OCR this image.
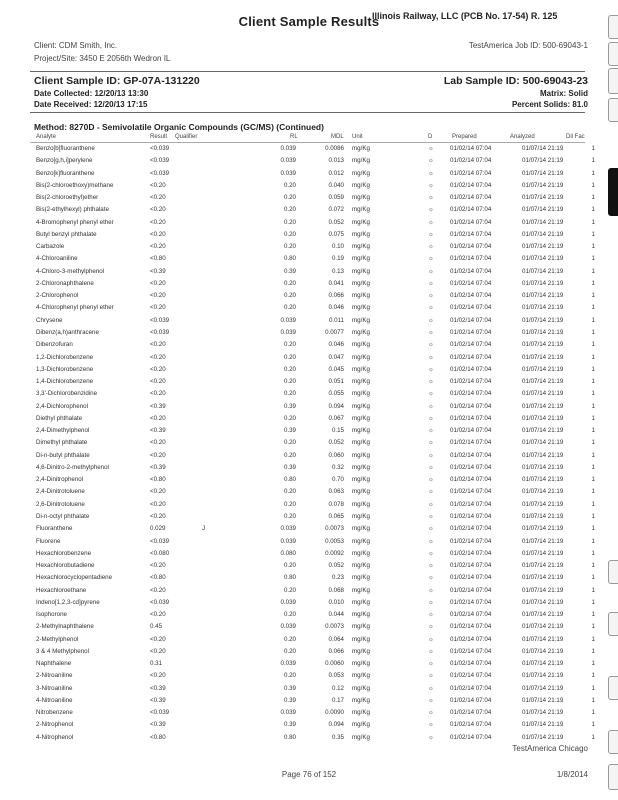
Client Sample Results
Illinois Railway, LLC (PCB No. 17-54) R. 125
Client: CDM Smith, Inc.
Project/Site: 3450 E 2056th Wedron IL
TestAmerica Job ID: 500-69043-1
Client Sample ID: GP-07A-131220
Date Collected: 12/20/13 13:30
Date Received: 12/20/13 17:15
Lab Sample ID: 500-69043-23
Matrix: Solid
Percent Solids: 81.0
Method: 8270D - Semivolatile Organic Compounds (GC/MS) (Continued)
Analyte	Result Qualifier	RL	MDL Unit	D	Prepared	Analyzed	Dil Fac
Benzo[b]fluoranthene	<0.039	0.039	0.0086 mg/Kg	☼	01/02/14 07:04	01/07/14 21:19	1
Benzo[g,h,i]perylene	<0.039	0.039	0.013 mg/Kg	☼	01/02/14 07:04	01/07/14 21:19	1
Benzo[k]fluoranthene	<0.039	0.039	0.012 mg/Kg	☼	01/02/14 07:04	01/07/14 21:19	1
Bis(2-chloroethoxy)methane	<0.20	0.20	0.040 mg/Kg	☼	01/02/14 07:04	01/07/14 21:19	1
Bis(2-chloroethyl)ether	<0.20	0.20	0.059 mg/Kg	☼	01/02/14 07:04	01/07/14 21:19	1
Bis(2-ethylhexyl) phthalate	<0.20	0.20	0.072 mg/Kg	☼	01/02/14 07:04	01/07/14 21:19	1
4-Bromophenyl phenyl ether	<0.20	0.20	0.052 mg/Kg	☼	01/02/14 07:04	01/07/14 21:19	1
Butyl benzyl phthalate	<0.20	0.20	0.075 mg/Kg	☼	01/02/14 07:04	01/07/14 21:19	1
Carbazole	<0.20	0.20	0.10 mg/Kg	☼	01/02/14 07:04	01/07/14 21:19	1
4-Chloroaniline	<0.80	0.80	0.19 mg/Kg	☼	01/02/14 07:04	01/07/14 21:19	1
4-Chloro-3-methylphenol	<0.39	0.39	0.13 mg/Kg	☼	01/02/14 07:04	01/07/14 21:19	1
2-Chloronaphthalene	<0.20	0.20	0.041 mg/Kg	☼	01/02/14 07:04	01/07/14 21:19	1
2-Chlorophenol	<0.20	0.20	0.066 mg/Kg	☼	01/02/14 07:04	01/07/14 21:19	1
4-Chlorophenyl phenyl ether	<0.20	0.20	0.046 mg/Kg	☼	01/02/14 07:04	01/07/14 21:19	1
Chrysene	<0.039	0.039	0.011 mg/Kg	☼	01/02/14 07:04	01/07/14 21:19	1
Dibenz(a,h)anthracene	<0.039	0.039	0.0077 mg/Kg	☼	01/02/14 07:04	01/07/14 21:19	1
Dibenzofuran	<0.20	0.20	0.046 mg/Kg	☼	01/02/14 07:04	01/07/14 21:19	1
1,2-Dichlorobenzene	<0.20	0.20	0.047 mg/Kg	☼	01/02/14 07:04	01/07/14 21:19	1
1,3-Dichlorobenzene	<0.20	0.20	0.045 mg/Kg	☼	01/02/14 07:04	01/07/14 21:19	1
1,4-Dichlorobenzene	<0.20	0.20	0.051 mg/Kg	☼	01/02/14 07:04	01/07/14 21:19	1
3,3'-Dichlorobenzidine	<0.20	0.20	0.055 mg/Kg	☼	01/02/14 07:04	01/07/14 21:19	1
2,4-Dichlorophenol	<0.39	0.39	0.094 mg/Kg	☼	01/02/14 07:04	01/07/14 21:19	1
Diethyl phthalate	<0.20	0.20	0.067 mg/Kg	☼	01/02/14 07:04	01/07/14 21:19	1
2,4-Dimethylphenol	<0.39	0.39	0.15 mg/Kg	☼	01/02/14 07:04	01/07/14 21:19	1
Dimethyl phthalate	<0.20	0.20	0.052 mg/Kg	☼	01/02/14 07:04	01/07/14 21:19	1
Di-n-butyl phthalate	<0.20	0.20	0.060 mg/Kg	☼	01/02/14 07:04	01/07/14 21:19	1
4,6-Dinitro-2-methylphenol	<0.39	0.39	0.32 mg/Kg	☼	01/02/14 07:04	01/07/14 21:19	1
2,4-Dinitrophenol	<0.80	0.80	0.70 mg/Kg	☼	01/02/14 07:04	01/07/14 21:19	1
2,4-Dinitrotoluene	<0.20	0.20	0.063 mg/Kg	☼	01/02/14 07:04	01/07/14 21:19	1
2,6-Dinitrotoluene	<0.20	0.20	0.078 mg/Kg	☼	01/02/14 07:04	01/07/14 21:19	1
Di-n-octyl phthalate	<0.20	0.20	0.065 mg/Kg	☼	01/02/14 07:04	01/07/14 21:19	1
Fluoranthene	0.029	J	0.039	0.0073 mg/Kg	☼	01/02/14 07:04	01/07/14 21:19	1
Fluorene	<0.039	0.039	0.0053 mg/Kg	☼	01/02/14 07:04	01/07/14 21:19	1
Hexachlorobenzene	<0.080	0.080	0.0092 mg/Kg	☼	01/02/14 07:04	01/07/14 21:19	1
Hexachlorobutadiene	<0.20	0.20	0.052 mg/Kg	☼	01/02/14 07:04	01/07/14 21:19	1
Hexachlorocyclopentadiene	<0.80	0.80	0.23 mg/Kg	☼	01/02/14 07:04	01/07/14 21:19	1
Hexachloroethane	<0.20	0.20	0.068 mg/Kg	☼	01/02/14 07:04	01/07/14 21:19	1
Indeno[1,2,3-cd]pyrene	<0.039	0.039	0.010 mg/Kg	☼	01/02/14 07:04	01/07/14 21:19	1
Isophorone	<0.20	0.20	0.044 mg/Kg	☼	01/02/14 07:04	01/07/14 21:19	1
2-Methylnaphthalene	0.45	0.039	0.0073 mg/Kg	☼	01/02/14 07:04	01/07/14 21:19	1
2-Methylphenol	<0.20	0.20	0.064 mg/Kg	☼	01/02/14 07:04	01/07/14 21:19	1
3 & 4 Methylphenol	<0.20	0.20	0.066 mg/Kg	☼	01/02/14 07:04	01/07/14 21:19	1
Naphthalene	0.31	0.039	0.0060 mg/Kg	☼	01/02/14 07:04	01/07/14 21:19	1
2-Nitroaniline	<0.20	0.20	0.053 mg/Kg	☼	01/02/14 07:04	01/07/14 21:19	1
3-Nitroaniline	<0.39	0.39	0.12 mg/Kg	☼	01/02/14 07:04	01/07/14 21:19	1
4-Nitroaniline	<0.39	0.39	0.17 mg/Kg	☼	01/02/14 07:04	01/07/14 21:19	1
Nitrobenzene	<0.039	0.039	0.0090 mg/Kg	☼	01/02/14 07:04	01/07/14 21:19	1
2-Nitrophenol	<0.39	0.39	0.094 mg/Kg	☼	01/02/14 07:04	01/07/14 21:19	1
4-Nitrophenol	<0.80	0.80	0.35 mg/Kg	☼	01/02/14 07:04	01/07/14 21:19	1
TestAmerica Chicago
Page 76 of 152	1/8/2014
